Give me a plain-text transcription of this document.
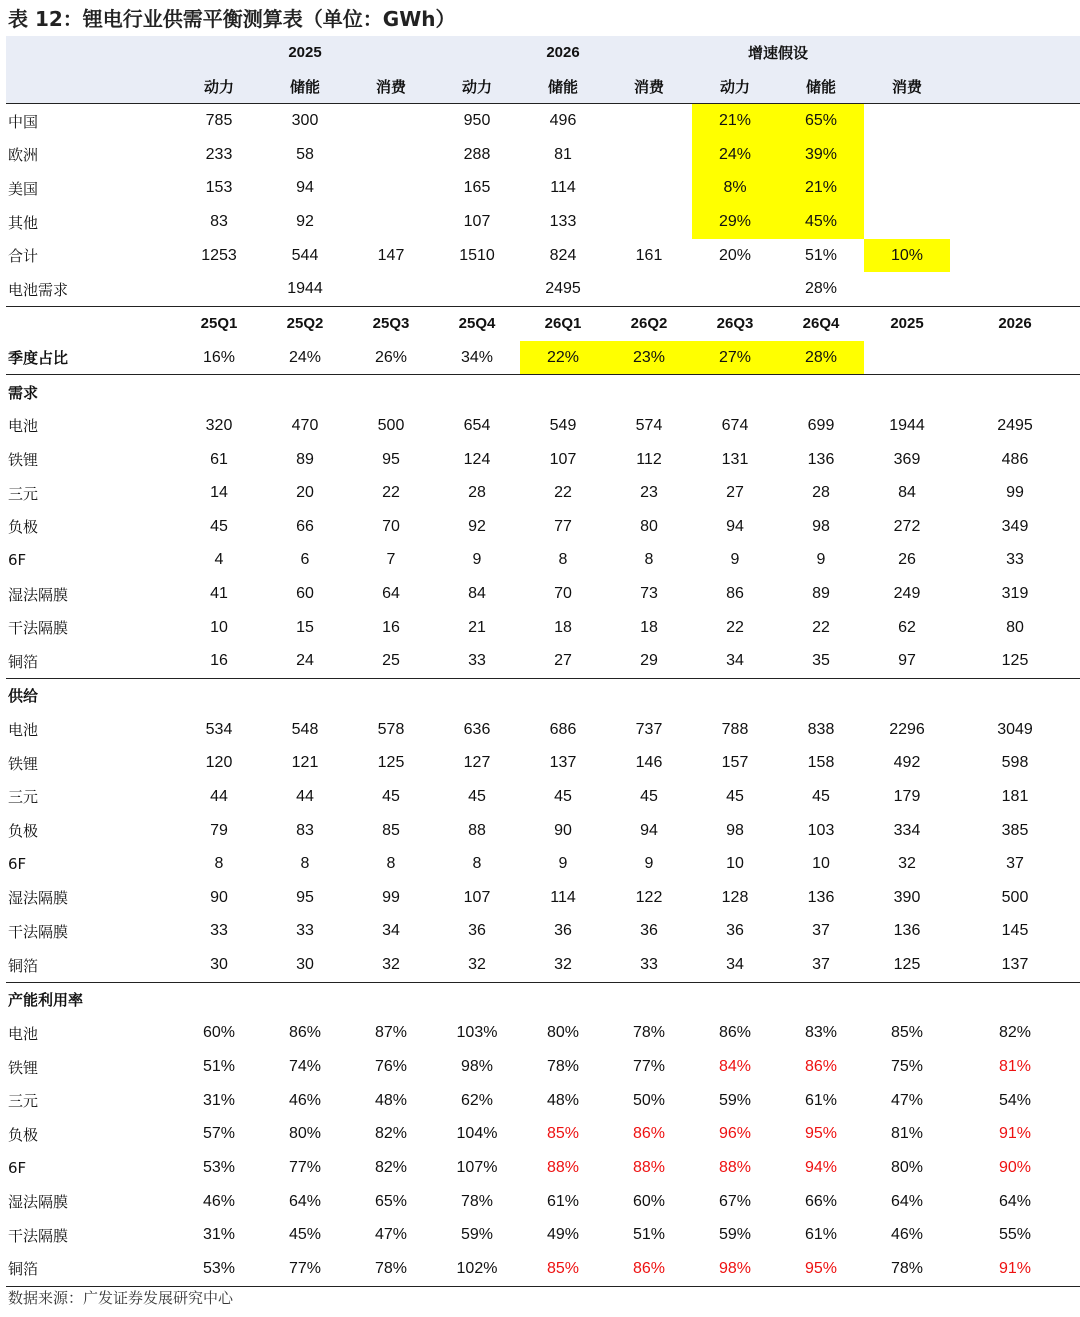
表 12：锂电行业供需平衡测算表（单位：GWh）
	2025			2026			增速假设			
	动力	储能	消费	动力	储能	消费	动力	储能	消费	
中国	785	300		950	496		21%	65%		
欧洲	233	58		288	81		24%	39%		
美国	153	94		165	114		8%	21%		
其他	83	92		107	133		29%	45%		
合计	1253	544	147	1510	824	161	20%	51%	10%	
电池需求		1944			2495			28%		
	25Q1	25Q2	25Q3	25Q4	26Q1	26Q2	26Q3	26Q4	2025	2026
季度占比	16%	24%	26%	34%	22%	23%	27%	28%		
需求										
电池	320	470	500	654	549	574	674	699	1944	2495
铁锂	61	89	95	124	107	112	131	136	369	486
三元	14	20	22	28	22	23	27	28	84	99
负极	45	66	70	92	77	80	94	98	272	349
6F	4	6	7	9	8	8	9	9	26	33
湿法隔膜	41	60	64	84	70	73	86	89	249	319
干法隔膜	10	15	16	21	18	18	22	22	62	80
铜箔	16	24	25	33	27	29	34	35	97	125
供给										
电池	534	548	578	636	686	737	788	838	2296	3049
铁锂	120	121	125	127	137	146	157	158	492	598
三元	44	44	45	45	45	45	45	45	179	181
负极	79	83	85	88	90	94	98	103	334	385
6F	8	8	8	8	9	9	10	10	32	37
湿法隔膜	90	95	99	107	114	122	128	136	390	500
干法隔膜	33	33	34	36	36	36	36	37	136	145
铜箔	30	30	32	32	32	33	34	37	125	137
产能利用率										
电池	60%	86%	87%	103%	80%	78%	86%	83%	85%	82%
铁锂	51%	74%	76%	98%	78%	77%	84%	86%	75%	81%
三元	31%	46%	48%	62%	48%	50%	59%	61%	47%	54%
负极	57%	80%	82%	104%	85%	86%	96%	95%	81%	91%
6F	53%	77%	82%	107%	88%	88%	88%	94%	80%	90%
湿法隔膜	46%	64%	65%	78%	61%	60%	67%	66%	64%	64%
干法隔膜	31%	45%	47%	59%	49%	51%	59%	61%	46%	55%
铜箔	53%	77%	78%	102%	85%	86%	98%	95%	78%	91%
数据来源：广发证券发展研究中心
